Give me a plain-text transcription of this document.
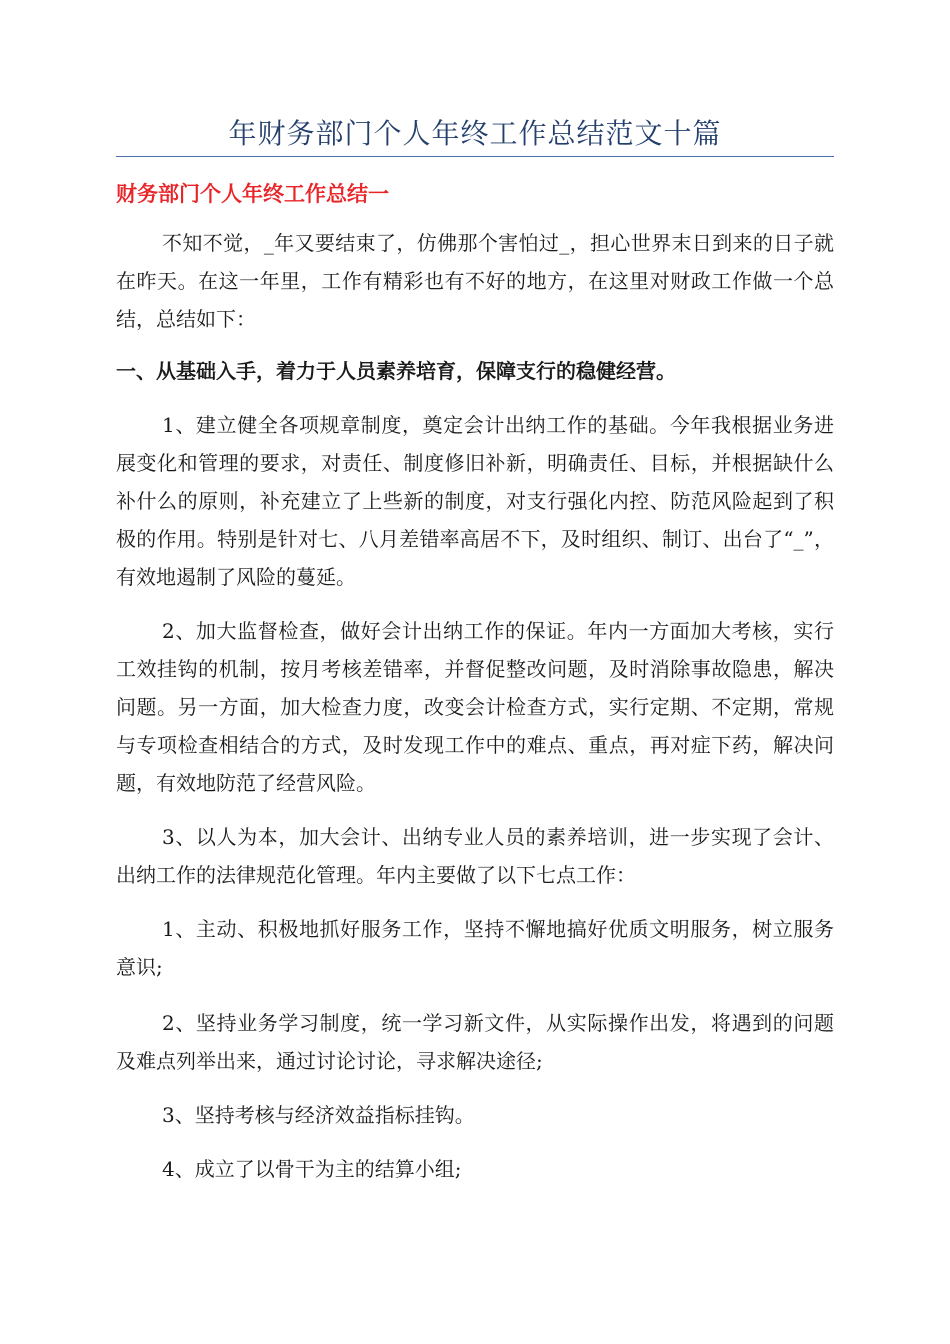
年财务部门个人年终工作总结范文十篇
财务部门个人年终工作总结一

不知不觉，_年又要结束了，仿佛那个害怕过_，担心世界末日到来的日子就在昨天。在这一年里，工作有精彩也有不好的地方，在这里对财政工作做一个总结，总结如下：

一、从基础入手，着力于人员素养培育，保障支行的稳健经营。

1、建立健全各项规章制度，奠定会计出纳工作的基础。今年我根据业务进展变化和管理的要求，对责任、制度修旧补新，明确责任、目标，并根据缺什么补什么的原则，补充建立了上些新的制度，对支行强化内控、防范风险起到了积极的作用。特别是针对七、八月差错率高居不下，及时组织、制订、出台了“_”，有效地遏制了风险的蔓延。

2、加大监督检查，做好会计出纳工作的保证。年内一方面加大考核，实行工效挂钩的机制，按月考核差错率，并督促整改问题，及时消除事故隐患，解决问题。另一方面，加大检查力度，改变会计检查方式，实行定期、不定期，常规与专项检查相结合的方式，及时发现工作中的难点、重点，再对症下药，解决问题，有效地防范了经营风险。

3、以人为本，加大会计、出纳专业人员的素养培训，进一步实现了会计、出纳工作的法律规范化管理。年内主要做了以下七点工作：

1、主动、积极地抓好服务工作，坚持不懈地搞好优质文明服务，树立服务意识;

2、坚持业务学习制度，统一学习新文件，从实际操作出发，将遇到的问题及难点列举出来，通过讨论讨论，寻求解决途径;

3、坚持考核与经济效益指标挂钩。

4、成立了以骨干为主的结算小组;
